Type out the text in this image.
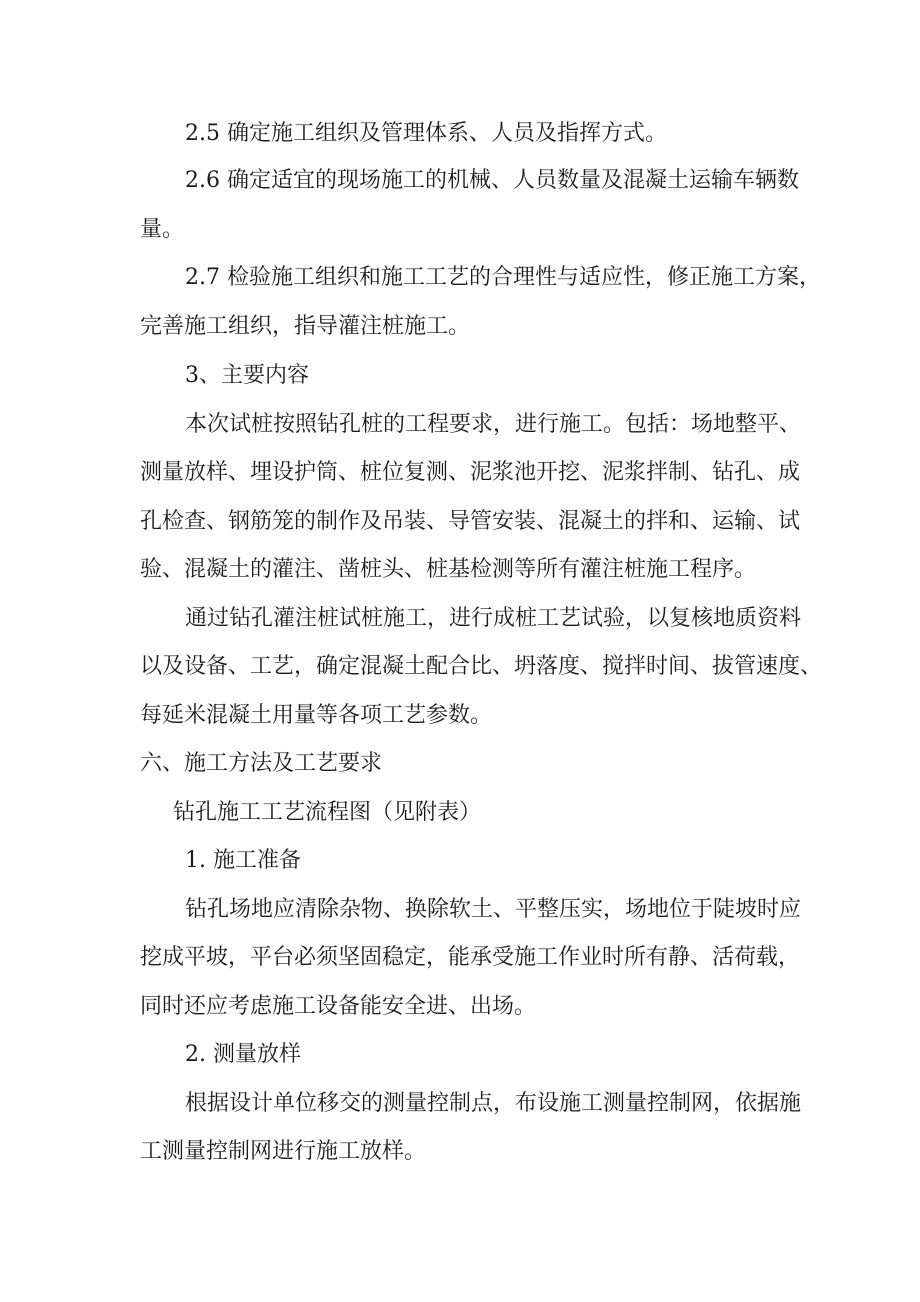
2.5 确定施工组织及管理体系、人员及指挥方式。
2.6 确定适宜的现场施工的机械、人员数量及混凝土运输车辆数
量。
2.7 检验施工组织和施工工艺的合理性与适应性，修正施工方案，
完善施工组织，指导灌注桩施工。
3、主要内容
本次试桩按照钻孔桩的工程要求，进行施工。包括：场地整平、
测量放样、埋设护筒、桩位复测、泥浆池开挖、泥浆拌制、钻孔、成
孔检查、钢筋笼的制作及吊装、导管安装、混凝土的拌和、运输、试
验、混凝土的灌注、凿桩头、桩基检测等所有灌注桩施工程序。
通过钻孔灌注桩试桩施工，进行成桩工艺试验，以复核地质资料
以及设备、工艺，确定混凝土配合比、坍落度、搅拌时间、拔管速度、
每延米混凝土用量等各项工艺参数。
六、施工方法及工艺要求
钻孔施工工艺流程图（见附表）
1. 施工准备
钻孔场地应清除杂物、换除软土、平整压实，场地位于陡坡时应
挖成平坡，平台必须坚固稳定，能承受施工作业时所有静、活荷载，
同时还应考虑施工设备能安全进、出场。
2. 测量放样
根据设计单位移交的测量控制点，布设施工测量控制网，依据施
工测量控制网进行施工放样。
